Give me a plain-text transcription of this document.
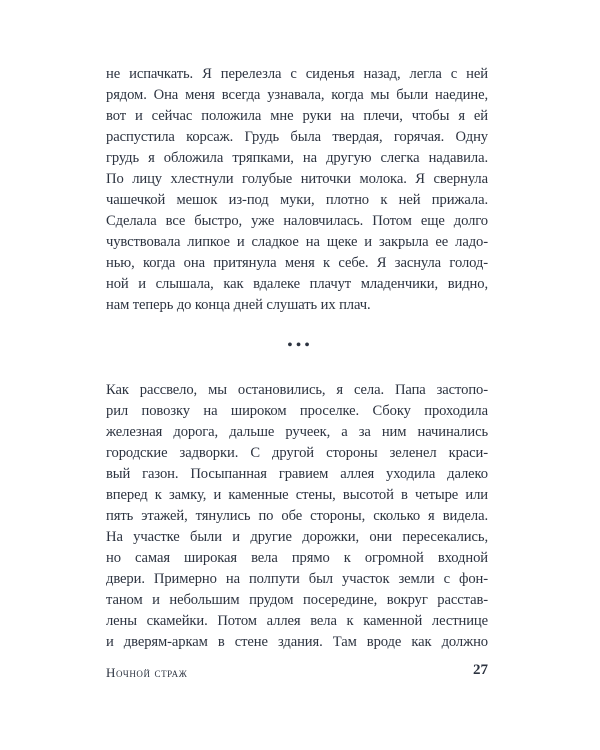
не испачкать. Я перелезла с сиденья назад, легла с ней
рядом. Она меня всегда узнавала, когда мы были наедине,
вот и сейчас положила мне руки на плечи, чтобы я ей
распустила корсаж. Грудь была твердая, горячая. Одну
грудь я обложила тряпками, на другую слегка надавила.
По лицу хлестнули голубые ниточки молока. Я свернула
чашечкой мешок из-под муки, плотно к ней прижала.
Сделала все быстро, уже наловчилась. Потом еще долго
чувствовала липкое и сладкое на щеке и закрыла ее ладо-
нью, когда она притянула меня к себе. Я заснула голод-
ной и слышала, как вдалеке плачут младенчики, видно,
нам теперь до конца дней слушать их плач.
•••
Как рассвело, мы остановились, я села. Папа застопо-
рил повозку на широком проселке. Сбоку проходила
железная дорога, дальше ручеек, а за ним начинались
городские задворки. С другой стороны зеленел краси-
вый газон. Посыпанная гравием аллея уходила далеко
вперед к замку, и каменные стены, высотой в четыре или
пять этажей, тянулись по обе стороны, сколько я видела.
На участке были и другие дорожки, они пересекались,
но самая широкая вела прямо к огромной входной
двери. Примерно на полпути был участок земли с фон-
таном и небольшим прудом посередине, вокруг расстав-
лены скамейки. Потом аллея вела к каменной лестнице
и дверям-аркам в стене здания. Там вроде как должно
Ночной страж	27
